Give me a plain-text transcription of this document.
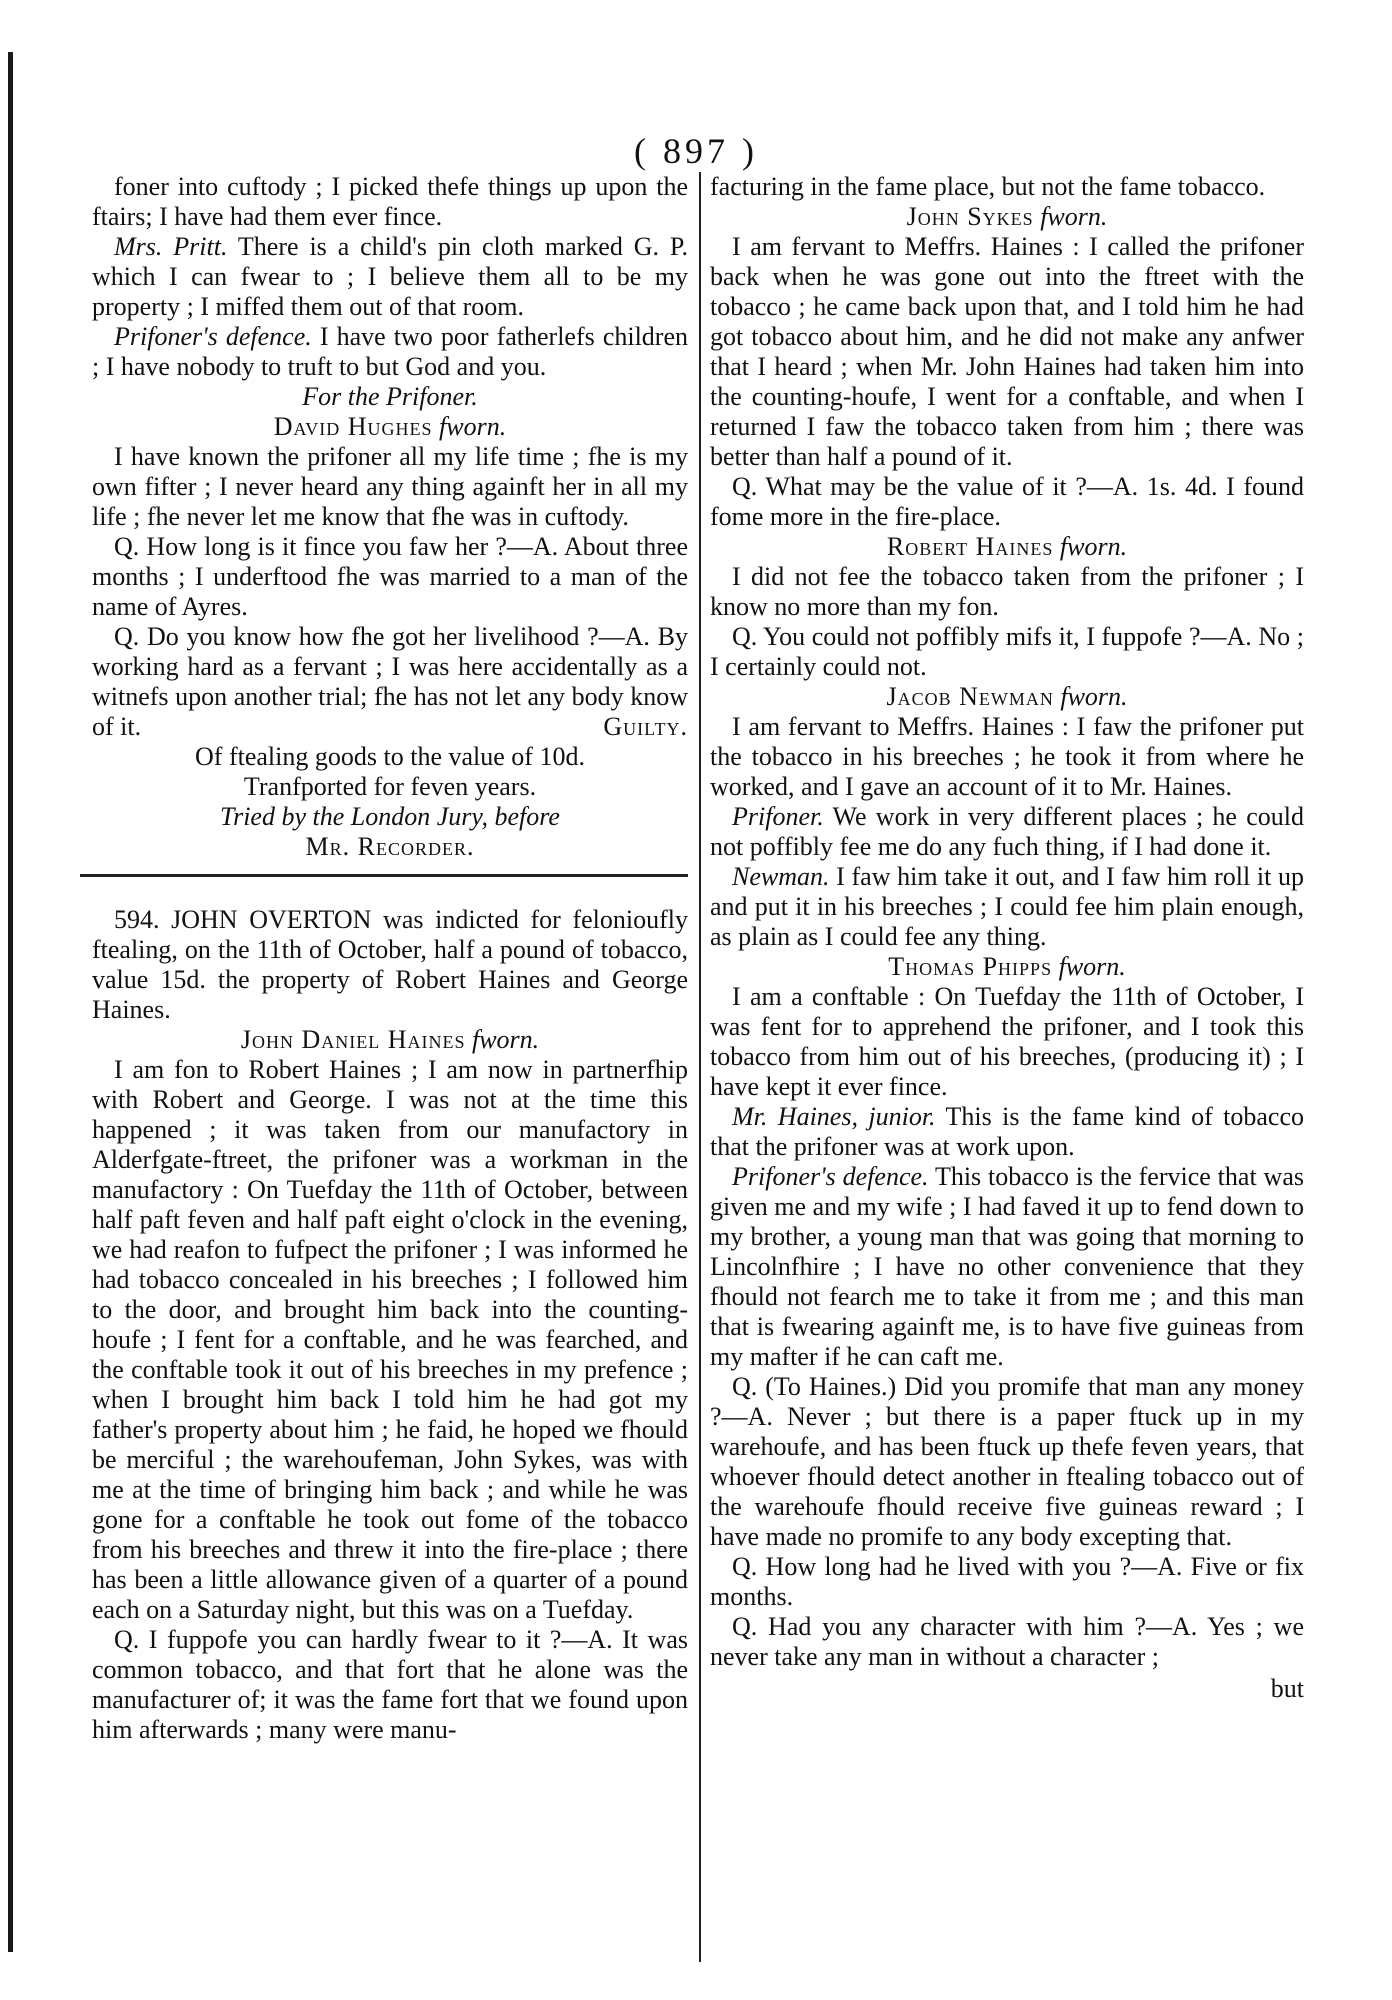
( 897 )

foner into cuftody ; I picked thefe things up upon the ftairs; I have had them ever fince.

Mrs. Pritt. There is a child's pin cloth marked G. P. which I can fwear to ; I believe them all to be my property ; I miffed them out of that room.

Prifoner's defence. I have two poor fatherlefs children ; I have nobody to truft to but God and you.

For the Prifoner.

David Hughes fworn.

I have known the prifoner all my life time ; fhe is my own fifter ; I never heard any thing againft her in all my life ; fhe never let me know that fhe was in cuftody.

Q. How long is it fince you faw her ?—A. About three months ; I underftood fhe was married to a man of the name of Ayres.

Q. Do you know how fhe got her livelihood ?—A. By working hard as a fervant ; I was here accidentally as a witnefs upon another trial; fhe has not let any body know of it.	Guilty.

Of ftealing goods to the value of 10d.

Tranfported for feven years.

Tried by the London Jury, before

Mr. Recorder.

594. JOHN OVERTON was indicted for felonioufly ftealing, on the 11th of October, half a pound of tobacco, value 15d. the property of Robert Haines and George Haines.

John Daniel Haines fworn.

I am fon to Robert Haines ; I am now in partnerfhip with Robert and George. I was not at the time this happened ; it was taken from our manufactory in Alderfgate-ftreet, the prifoner was a workman in the manufactory : On Tuefday the 11th of October, between half paft feven and half paft eight o'clock in the evening, we had reafon to fufpect the prifoner ; I was informed he had tobacco concealed in his breeches ; I followed him to the door, and brought him back into the counting-houfe ; I fent for a conftable, and he was fearched, and the conftable took it out of his breeches in my prefence ; when I brought him back I told him he had got my father's property about him ; he faid, he hoped we fhould be merciful ; the warehoufeman, John Sykes, was with me at the time of bringing him back ; and while he was gone for a conftable he took out fome of the tobacco from his breeches and threw it into the fire-place ; there has been a little allowance given of a quarter of a pound each on a Saturday night, but this was on a Tuefday.

Q. I fuppofe you can hardly fwear to it ?—A. It was common tobacco, and that fort that he alone was the manufacturer of; it was the fame fort that we found upon him afterwards ; many were manu-

facturing in the fame place, but not the fame tobacco.

John Sykes fworn.

I am fervant to Meffrs. Haines : I called the prifoner back when he was gone out into the ftreet with the tobacco ; he came back upon that, and I told him he had got tobacco about him, and he did not make any anfwer that I heard ; when Mr. John Haines had taken him into the counting-houfe, I went for a conftable, and when I returned I faw the tobacco taken from him ; there was better than half a pound of it.

Q. What may be the value of it ?—A. 1s. 4d. I found fome more in the fire-place.

Robert Haines fworn.

I did not fee the tobacco taken from the prifoner ; I know no more than my fon.

Q. You could not poffibly mifs it, I fuppofe ?—A. No ; I certainly could not.

Jacob Newman fworn.

I am fervant to Meffrs. Haines : I faw the prifoner put the tobacco in his breeches ; he took it from where he worked, and I gave an account of it to Mr. Haines.

Prifoner. We work in very different places ; he could not poffibly fee me do any fuch thing, if I had done it.

Newman. I faw him take it out, and I faw him roll it up and put it in his breeches ; I could fee him plain enough, as plain as I could fee any thing.

Thomas Phipps fworn.

I am a conftable : On Tuefday the 11th of October, I was fent for to apprehend the prifoner, and I took this tobacco from him out of his breeches, (producing it) ; I have kept it ever fince.

Mr. Haines, junior. This is the fame kind of tobacco that the prifoner was at work upon.

Prifoner's defence. This tobacco is the fervice that was given me and my wife ; I had faved it up to fend down to my brother, a young man that was going that morning to Lincolnfhire ; I have no other convenience that they fhould not fearch me to take it from me ; and this man that is fwearing againft me, is to have five guineas from my mafter if he can caft me.

Q. (To Haines.) Did you promife that man any money ?—A. Never ; but there is a paper ftuck up in my warehoufe, and has been ftuck up thefe feven years, that whoever fhould detect another in ftealing tobacco out of the warehoufe fhould receive five guineas reward ; I have made no promife to any body excepting that.

Q. How long had he lived with you ?—A. Five or fix months.

Q. Had you any character with him ?—A. Yes ; we never take any man in without a character ;

but
